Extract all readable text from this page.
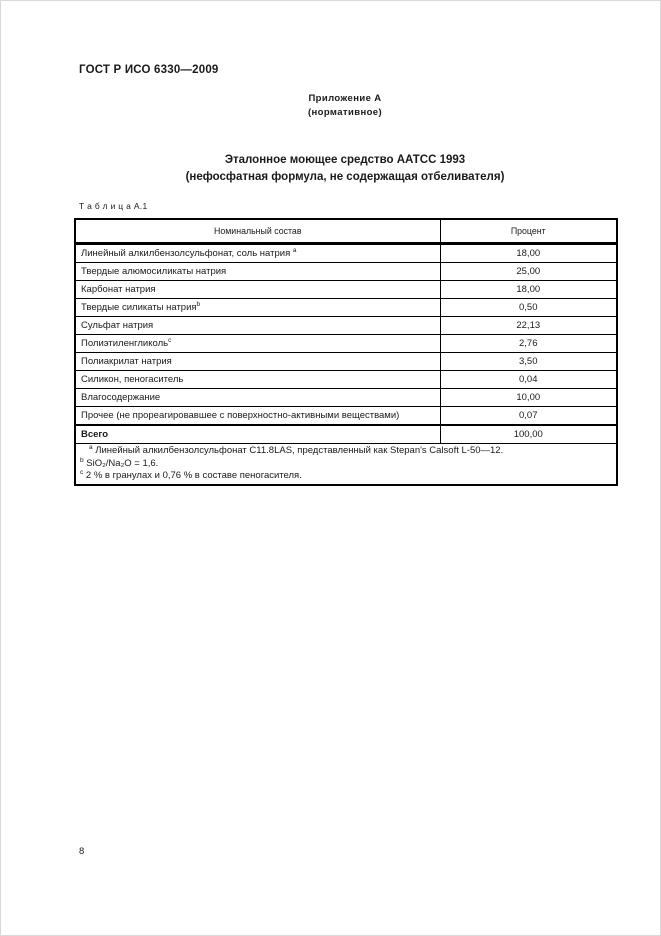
ГОСТ Р ИСО 6330—2009
Приложение А
(нормативное)
Эталонное моющее средство ААТСС 1993
(нефосфатная формула, не содержащая отбеливателя)
Т а б л и ц а А.1
Номинальный состав	Процент
Линейный алкилбензолсульфонат, соль натрия $^a$	18,00
Твердые алюмосиликаты натрия	25,00
Карбонат натрия	18,00
Твердые силикаты натрия$^b$	0,50
Сульфат натрия	22,13
Полиэтиленгликоль$^c$	2,76
Полиакрилат натрия	3,50
Силикон, пеногаситель	0,04
Влагосодержание	10,00
Прочее (не прореагировавшее с поверхностно-активными веществами)	0,07
Всего	100,00

$^a$ Линейный алкилбензолсульфонат C11.8LAS, представленный как Stepan's Calsoft L-50—12.
$^b$ SiO₂/Na₂O = 1,6.
$^c$ 2 % в гранулах и 0,76 % в составе пеногасителя.	
8
